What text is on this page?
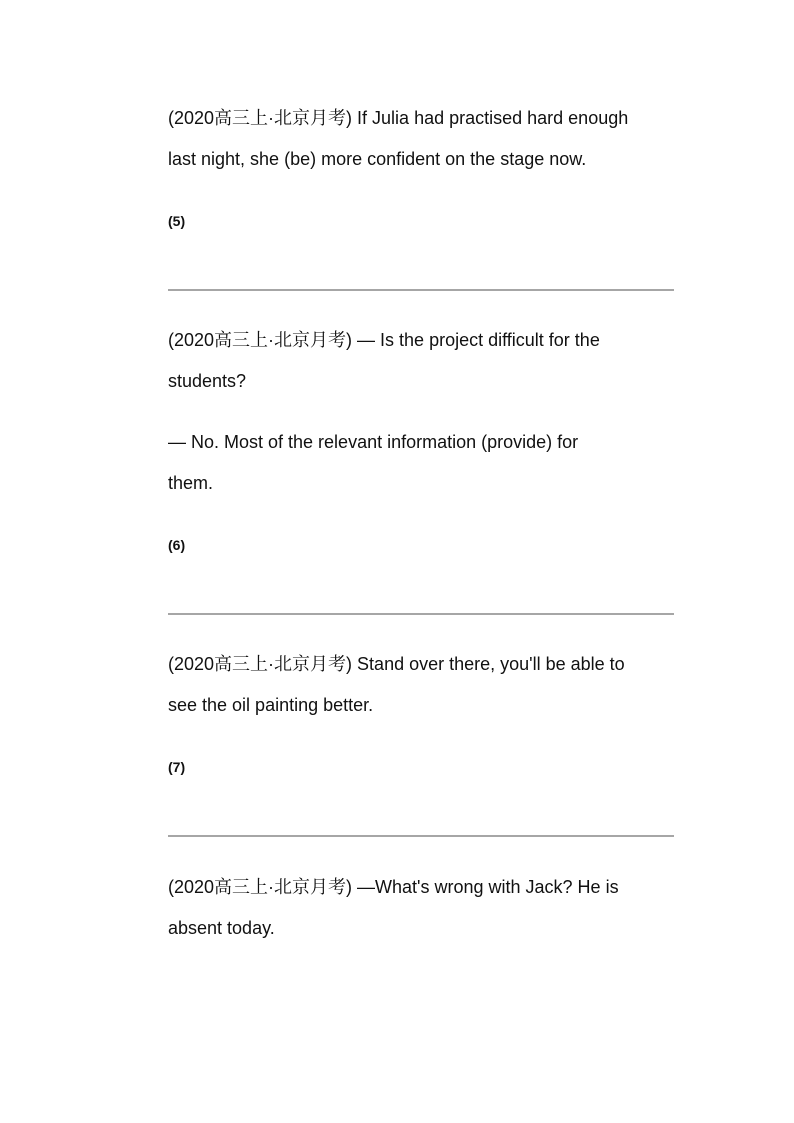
(2020高三上·北京月考) If Julia had practised hard enough
last night, she (be) more confident on the stage now.
(5)
(2020高三上·北京月考) — Is the project difficult for the
students?
— No. Most of the relevant information (provide) for
them.
(6)
(2020高三上·北京月考) Stand over there, you'll be able to
see the oil painting better.
(7)
(2020高三上·北京月考) —What's wrong with Jack? He is
absent today.
